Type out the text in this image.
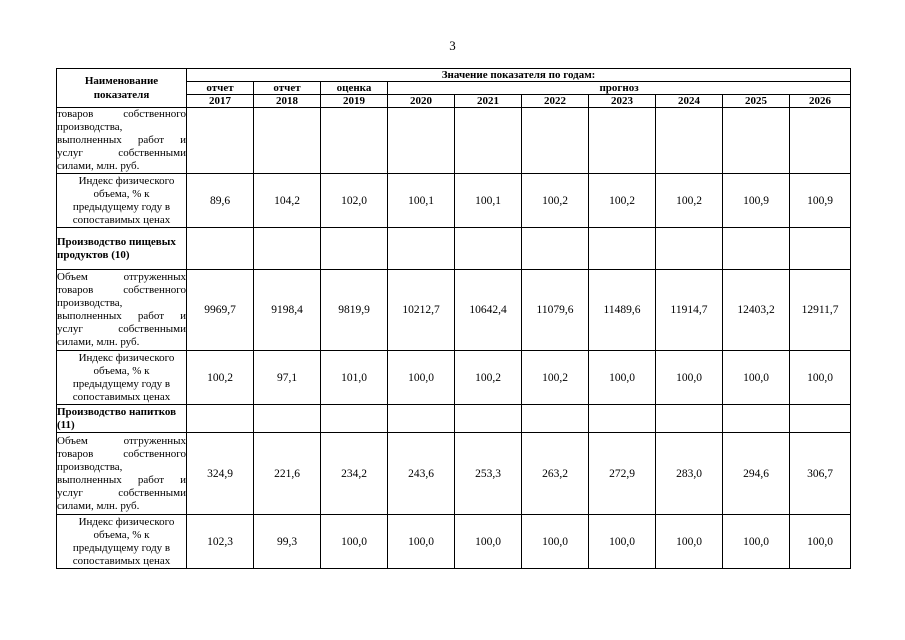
3
Наименование показателя	Значение показателя по годам:									
	отчет	отчет	оценка	прогноз						
	2017	2018	2019	2020	2021	2022	2023	2024	2025	2026
товаров собственного производства, выполненных работ и услуг собственными силами, млн. руб.										
Индекс физического объема, % к предыдущему году в сопоставимых ценах	89,6	104,2	102,0	100,1	100,1	100,2	100,2	100,2	100,9	100,9
Производство пищевых продуктов (10)										
Объем отгруженных товаров собственного производства, выполненных работ и услуг собственными силами, млн. руб.	9969,7	9198,4	9819,9	10212,7	10642,4	11079,6	11489,6	11914,7	12403,2	12911,7
Индекс физического объема, % к предыдущему году в сопоставимых ценах	100,2	97,1	101,0	100,0	100,2	100,2	100,0	100,0	100,0	100,0
Производство напитков (11)										
Объем отгруженных товаров собственного производства, выполненных работ и услуг собственными силами, млн. руб.	324,9	221,6	234,2	243,6	253,3	263,2	272,9	283,0	294,6	306,7
Индекс физического объема, % к предыдущему году в сопоставимых ценах	102,3	99,3	100,0	100,0	100,0	100,0	100,0	100,0	100,0	100,0
